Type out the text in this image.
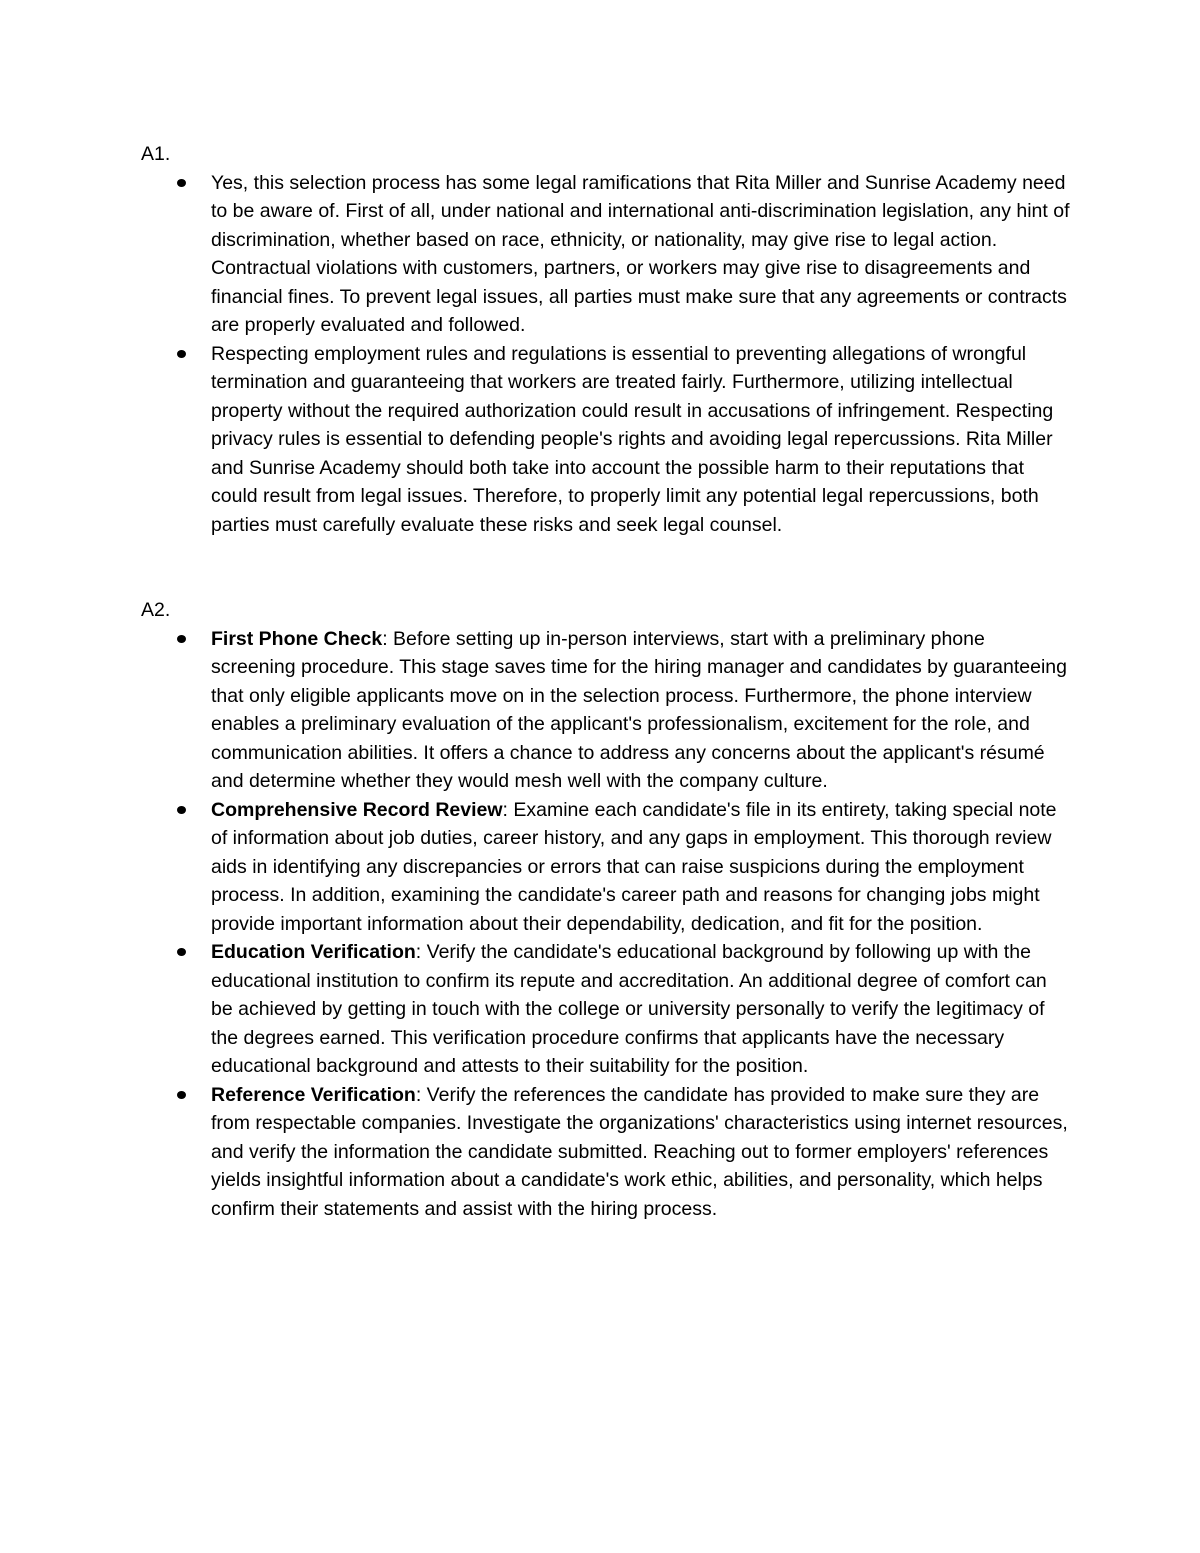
A1.

Yes, this selection process has some legal ramifications that Rita Miller and Sunrise Academy need to be aware of. First of all, under national and international anti-discrimination legislation, any hint of discrimination, whether based on race, ethnicity, or nationality, may give rise to legal action. Contractual violations with customers, partners, or workers may give rise to disagreements and financial fines. To prevent legal issues, all parties must make sure that any agreements or contracts are properly evaluated and followed.
Respecting employment rules and regulations is essential to preventing allegations of wrongful termination and guaranteeing that workers are treated fairly. Furthermore, utilizing intellectual property without the required authorization could result in accusations of infringement. Respecting privacy rules is essential to defending people's rights and avoiding legal repercussions. Rita Miller and Sunrise Academy should both take into account the possible harm to their reputations that could result from legal issues. Therefore, to properly limit any potential legal repercussions, both parties must carefully evaluate these risks and seek legal counsel.

A2.

First Phone Check: Before setting up in-person interviews, start with a preliminary phone screening procedure. This stage saves time for the hiring manager and candidates by guaranteeing that only eligible applicants move on in the selection process. Furthermore, the phone interview enables a preliminary evaluation of the applicant's professionalism, excitement for the role, and communication abilities. It offers a chance to address any concerns about the applicant's résumé and determine whether they would mesh well with the company culture.
Comprehensive Record Review: Examine each candidate's file in its entirety, taking special note of information about job duties, career history, and any gaps in employment. This thorough review aids in identifying any discrepancies or errors that can raise suspicions during the employment process. In addition, examining the candidate's career path and reasons for changing jobs might provide important information about their dependability, dedication, and fit for the position.
Education Verification: Verify the candidate's educational background by following up with the educational institution to confirm its repute and accreditation. An additional degree of comfort can be achieved by getting in touch with the college or university personally to verify the legitimacy of the degrees earned. This verification procedure confirms that applicants have the necessary educational background and attests to their suitability for the position.
Reference Verification: Verify the references the candidate has provided to make sure they are from respectable companies. Investigate the organizations' characteristics using internet resources, and verify the information the candidate submitted. Reaching out to former employers' references yields insightful information about a candidate's work ethic, abilities, and personality, which helps confirm their statements and assist with the hiring process.
